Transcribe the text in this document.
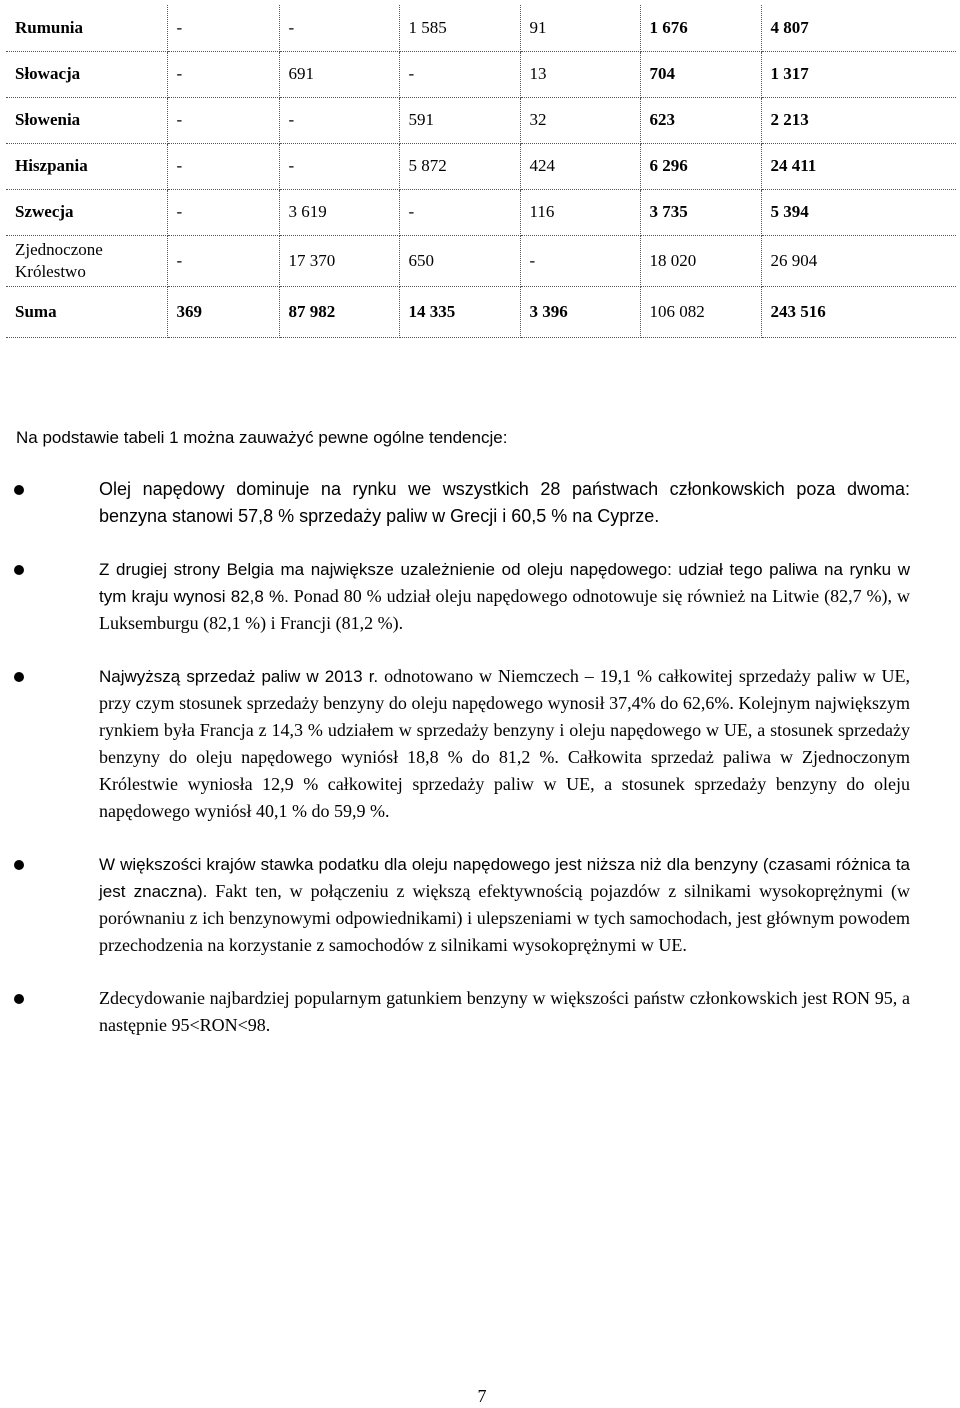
Rumunia	-	-	1 585	91	1 676	4 807
Słowacja	-	691	-	13	704	1 317
Słowenia	-	-	591	32	623	2 213
Hiszpania	-	-	5 872	424	6 296	24 411
Szwecja	-	3 619	-	116	3 735	5 394
Zjednoczone
Królestwo	-	17 370	650	-	18 020	26 904
Suma	369	87 982	14 335	3 396	106 082	243 516

Na podstawie tabeli 1 można zauważyć pewne ogólne tendencje:

Olej napędowy dominuje na rynku we wszystkich 28 państwach członkowskich poza dwoma: benzyna stanowi 57,8 % sprzedaży paliw w Grecji i 60,5 % na Cyprze.
Z drugiej strony Belgia ma największe uzależnienie od oleju napędowego: udział tego paliwa na rynku w tym kraju wynosi 82,8 %. Ponad 80 % udział oleju napędowego odnotowuje się również na Litwie (82,7 %), w Luksemburgu (82,1 %) i Francji (81,2 %).
Najwyższą sprzedaż paliw w 2013 r. odnotowano w Niemczech – 19,1 % całkowitej sprzedaży paliw w UE, przy czym stosunek sprzedaży benzyny do oleju napędowego wynosił 37,4% do 62,6%. Kolejnym największym rynkiem była Francja z 14,3 % udziałem w sprzedaży benzyny i oleju napędowego w UE, a stosunek sprzedaży benzyny do oleju napędowego wyniósł 18,8 % do 81,2 %. Całkowita sprzedaż paliwa w Zjednoczonym Królestwie wyniosła 12,9 % całkowitej sprzedaży paliw w UE, a stosunek sprzedaży benzyny do oleju napędowego wyniósł 40,1 % do 59,9 %.
W większości krajów stawka podatku dla oleju napędowego jest niższa niż dla benzyny (czasami różnica ta jest znaczna). Fakt ten, w połączeniu z większą efektywnością pojazdów z silnikami wysokoprężnymi (w porównaniu z ich benzynowymi odpowiednikami) i ulepszeniami w tych samochodach, jest głównym powodem przechodzenia na korzystanie z samochodów z silnikami wysokoprężnymi w UE.
Zdecydowanie najbardziej popularnym gatunkiem benzyny w większości państw członkowskich jest RON 95, a następnie 95<RON<98.
7
